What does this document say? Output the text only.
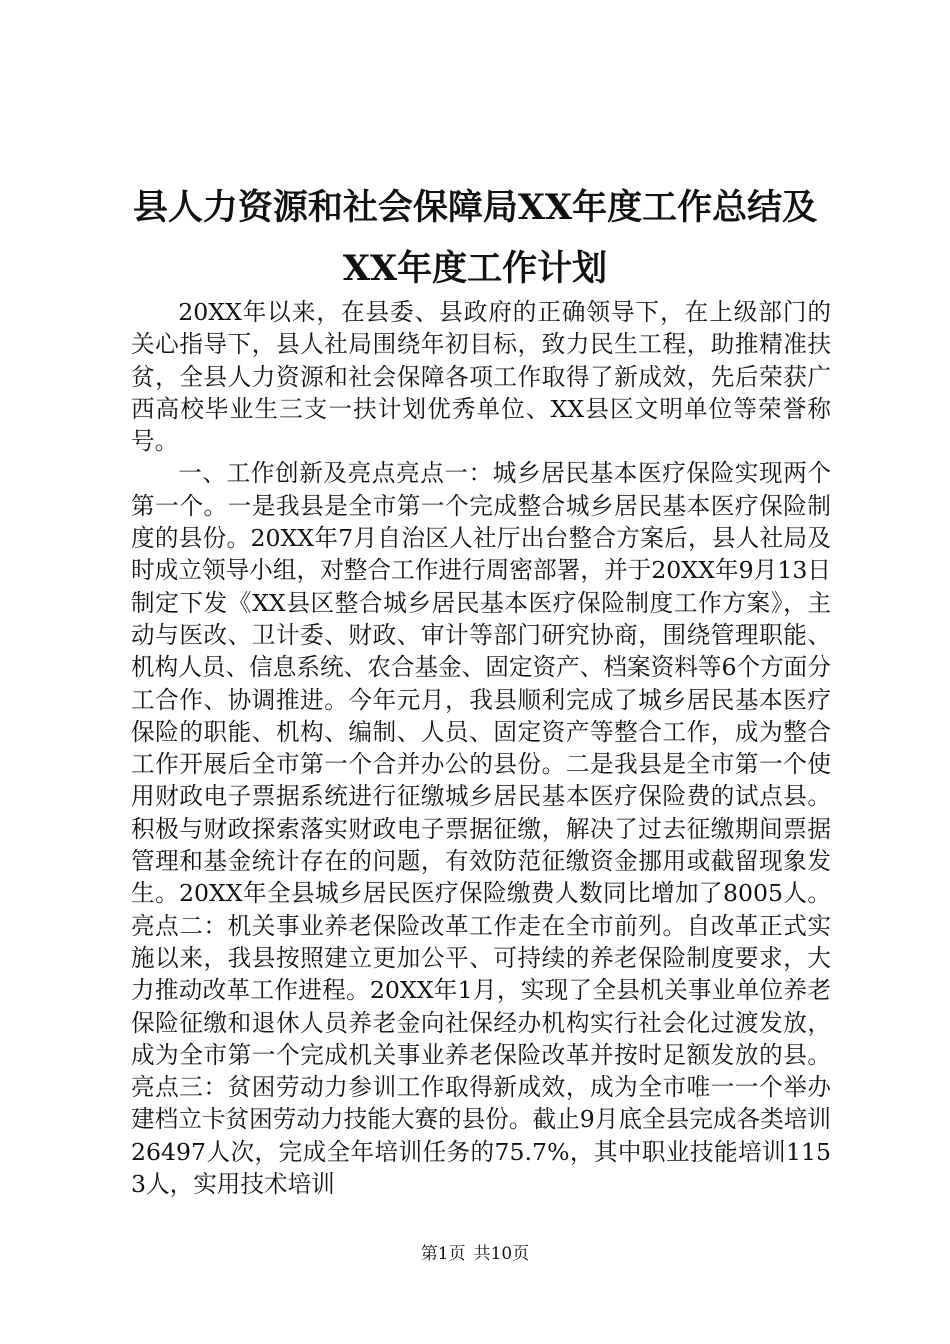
县人力资源和社会保障局XX年度工作总结及
XX年度工作计划

20XX年以来，在县委、县政府的正确领导下，在上级部门的关心指导下，县人社局围绕年初目标，致力民生工程，助推精准扶贫，全县人力资源和社会保障各项工作取得了新成效，先后荣获广西高校毕业生三支一扶计划优秀单位、XX县区文明单位等荣誉称号。

一、工作创新及亮点亮点一：城乡居民基本医疗保险实现两个第一个。一是我县是全市第一个完成整合城乡居民基本医疗保险制度的县份。20XX年7月自治区人社厅出台整合方案后，县人社局及时成立领导小组，对整合工作进行周密部署，并于20XX年9月13日制定下发《XX县区整合城乡居民基本医疗保险制度工作方案》，主动与医改、卫计委、财政、审计等部门研究协商，围绕管理职能、机构人员、信息系统、农合基金、固定资产、档案资料等6个方面分工合作、协调推进。今年元月，我县顺利完成了城乡居民基本医疗保险的职能、机构、编制、人员、固定资产等整合工作，成为整合工作开展后全市第一个合并办公的县份。二是我县是全市第一个使用财政电子票据系统进行征缴城乡居民基本医疗保险费的试点县。积极与财政探索落实财政电子票据征缴，解决了过去征缴期间票据管理和基金统计存在的问题，有效防范征缴资金挪用或截留现象发生。20XX年全县城乡居民医疗保险缴费人数同比增加了8005人。亮点二：机关事业养老保险改革工作走在全市前列。自改革正式实施以来，我县按照建立更加公平、可持续的养老保险制度要求，大力推动改革工作进程。20XX年1月，实现了全县机关事业单位养老保险征缴和退休人员养老金向社保经办机构实行社会化过渡发放，成为全市第一个完成机关事业养老保险改革并按时足额发放的县。亮点三：贫困劳动力参训工作取得新成效，成为全市唯一一个举办建档立卡贫困劳动力技能大赛的县份。截止9月底全县完成各类培训26497人次，完成全年培训任务的75.7%，其中职业技能培训1153人，实用技术培训

第1页 共10页
